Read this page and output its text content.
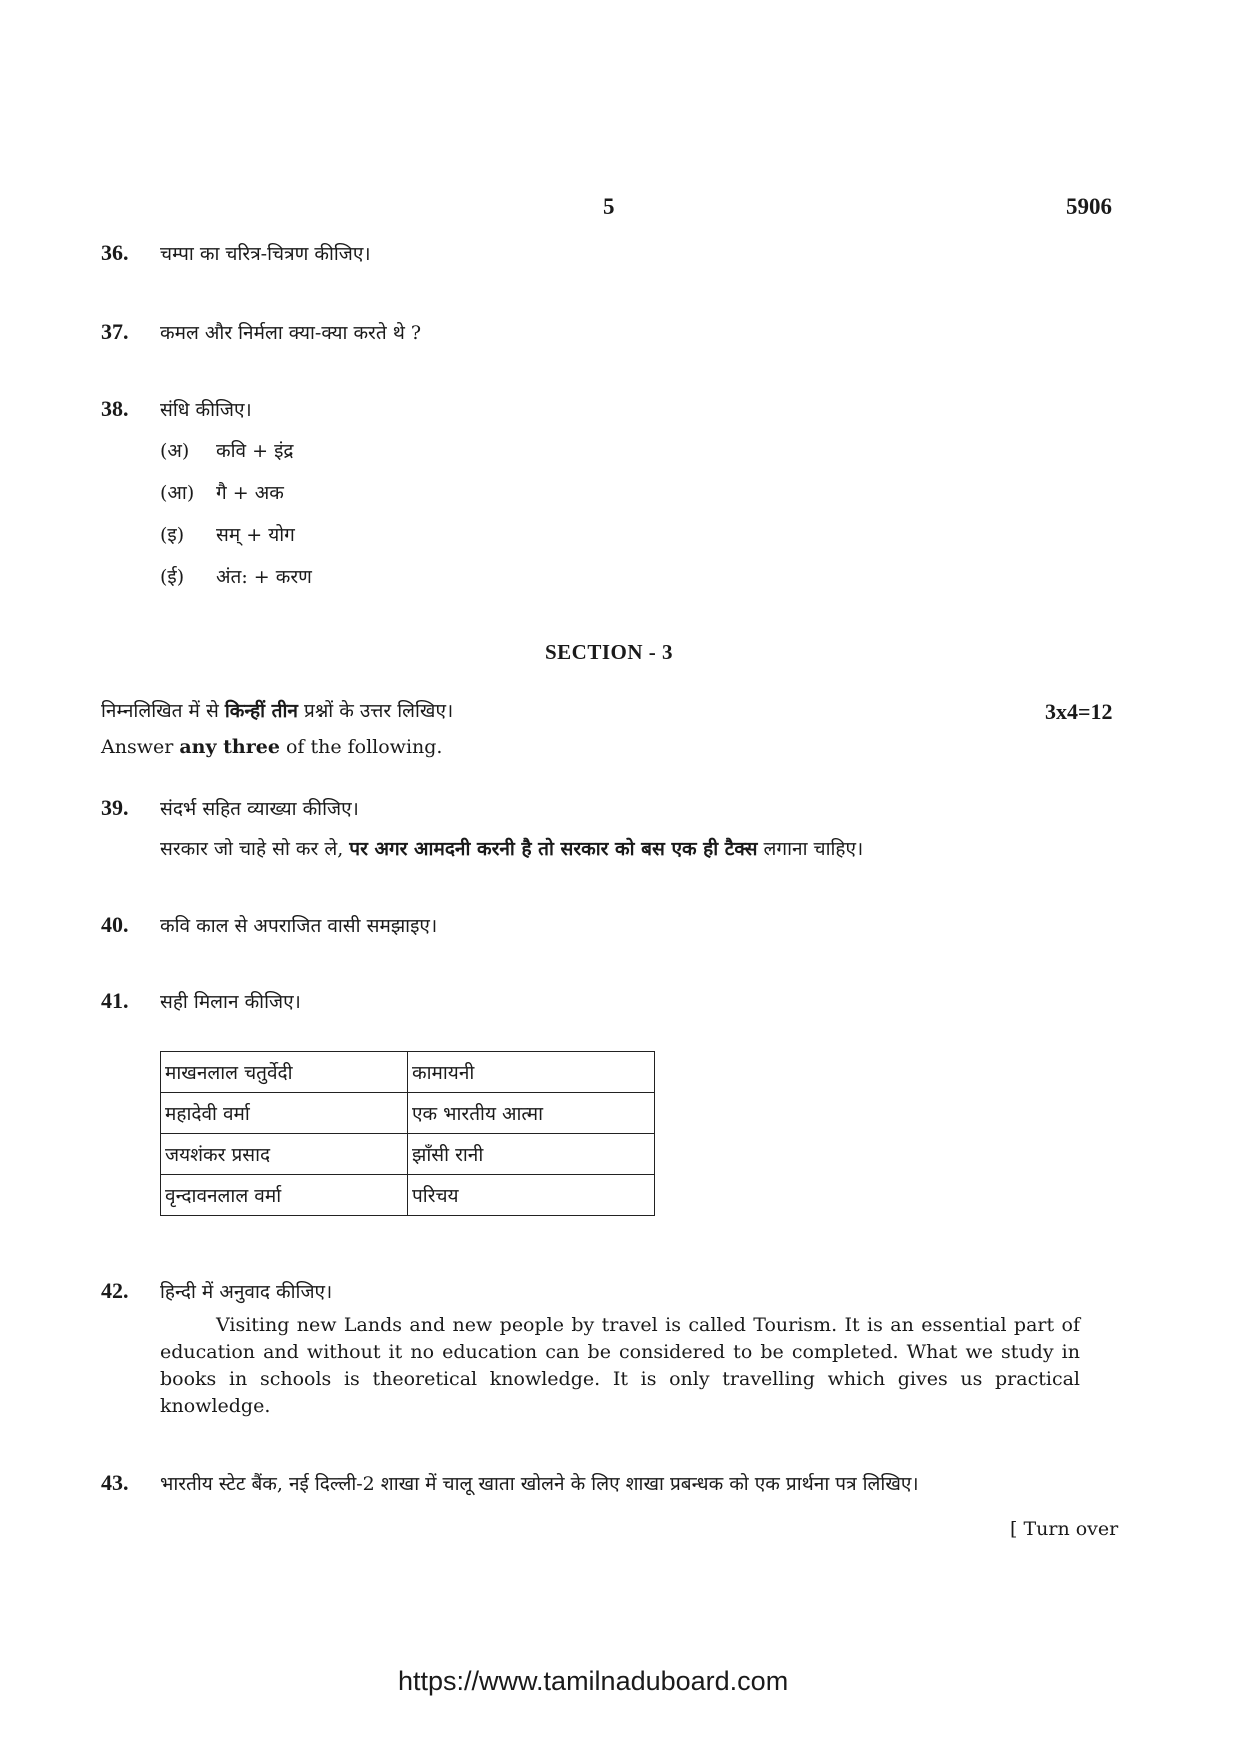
5	5906
36. चम्पा का चरित्र-चित्रण कीजिए।
37. कमल और निर्मला क्या-क्या करते थे ?
38. संधि कीजिए।
(अ) कवि + इंद्र
(आ) गै + अक
(इ) सम् + योग
(ई) अंत: + करण
SECTION - 3
निम्नलिखित में से किन्हीं तीन प्रश्नों के उत्तर लिखिए।	3x4=12
Answer any three of the following.
39. संदर्भ सहित व्याख्या कीजिए।
सरकार जो चाहे सो कर ले, पर अगर आमदनी करनी है तो सरकार को बस एक ही टैक्स लगाना चाहिए।
40. कवि काल से अपराजित वासी समझाइए।
41. सही मिलान कीजिए।
माखनलाल चतुर्वेदी	कामायनी
महादेवी वर्मा	एक भारतीय आत्मा
जयशंकर प्रसाद	झाँसी रानी
वृन्दावनलाल वर्मा	परिचय
42. हिन्दी में अनुवाद कीजिए।
Visiting new Lands and new people by travel is called Tourism. It is an essential part of education and without it no education can be considered to be completed. What we study in books in schools is theoretical knowledge. It is only travelling which gives us practical knowledge.
43. भारतीय स्टेट बैंक, नई दिल्ली-2 शाखा में चालू खाता खोलने के लिए शाखा प्रबन्धक को एक प्रार्थना पत्र लिखिए।
[ Turn over
https://www.tamilnaduboard.com
